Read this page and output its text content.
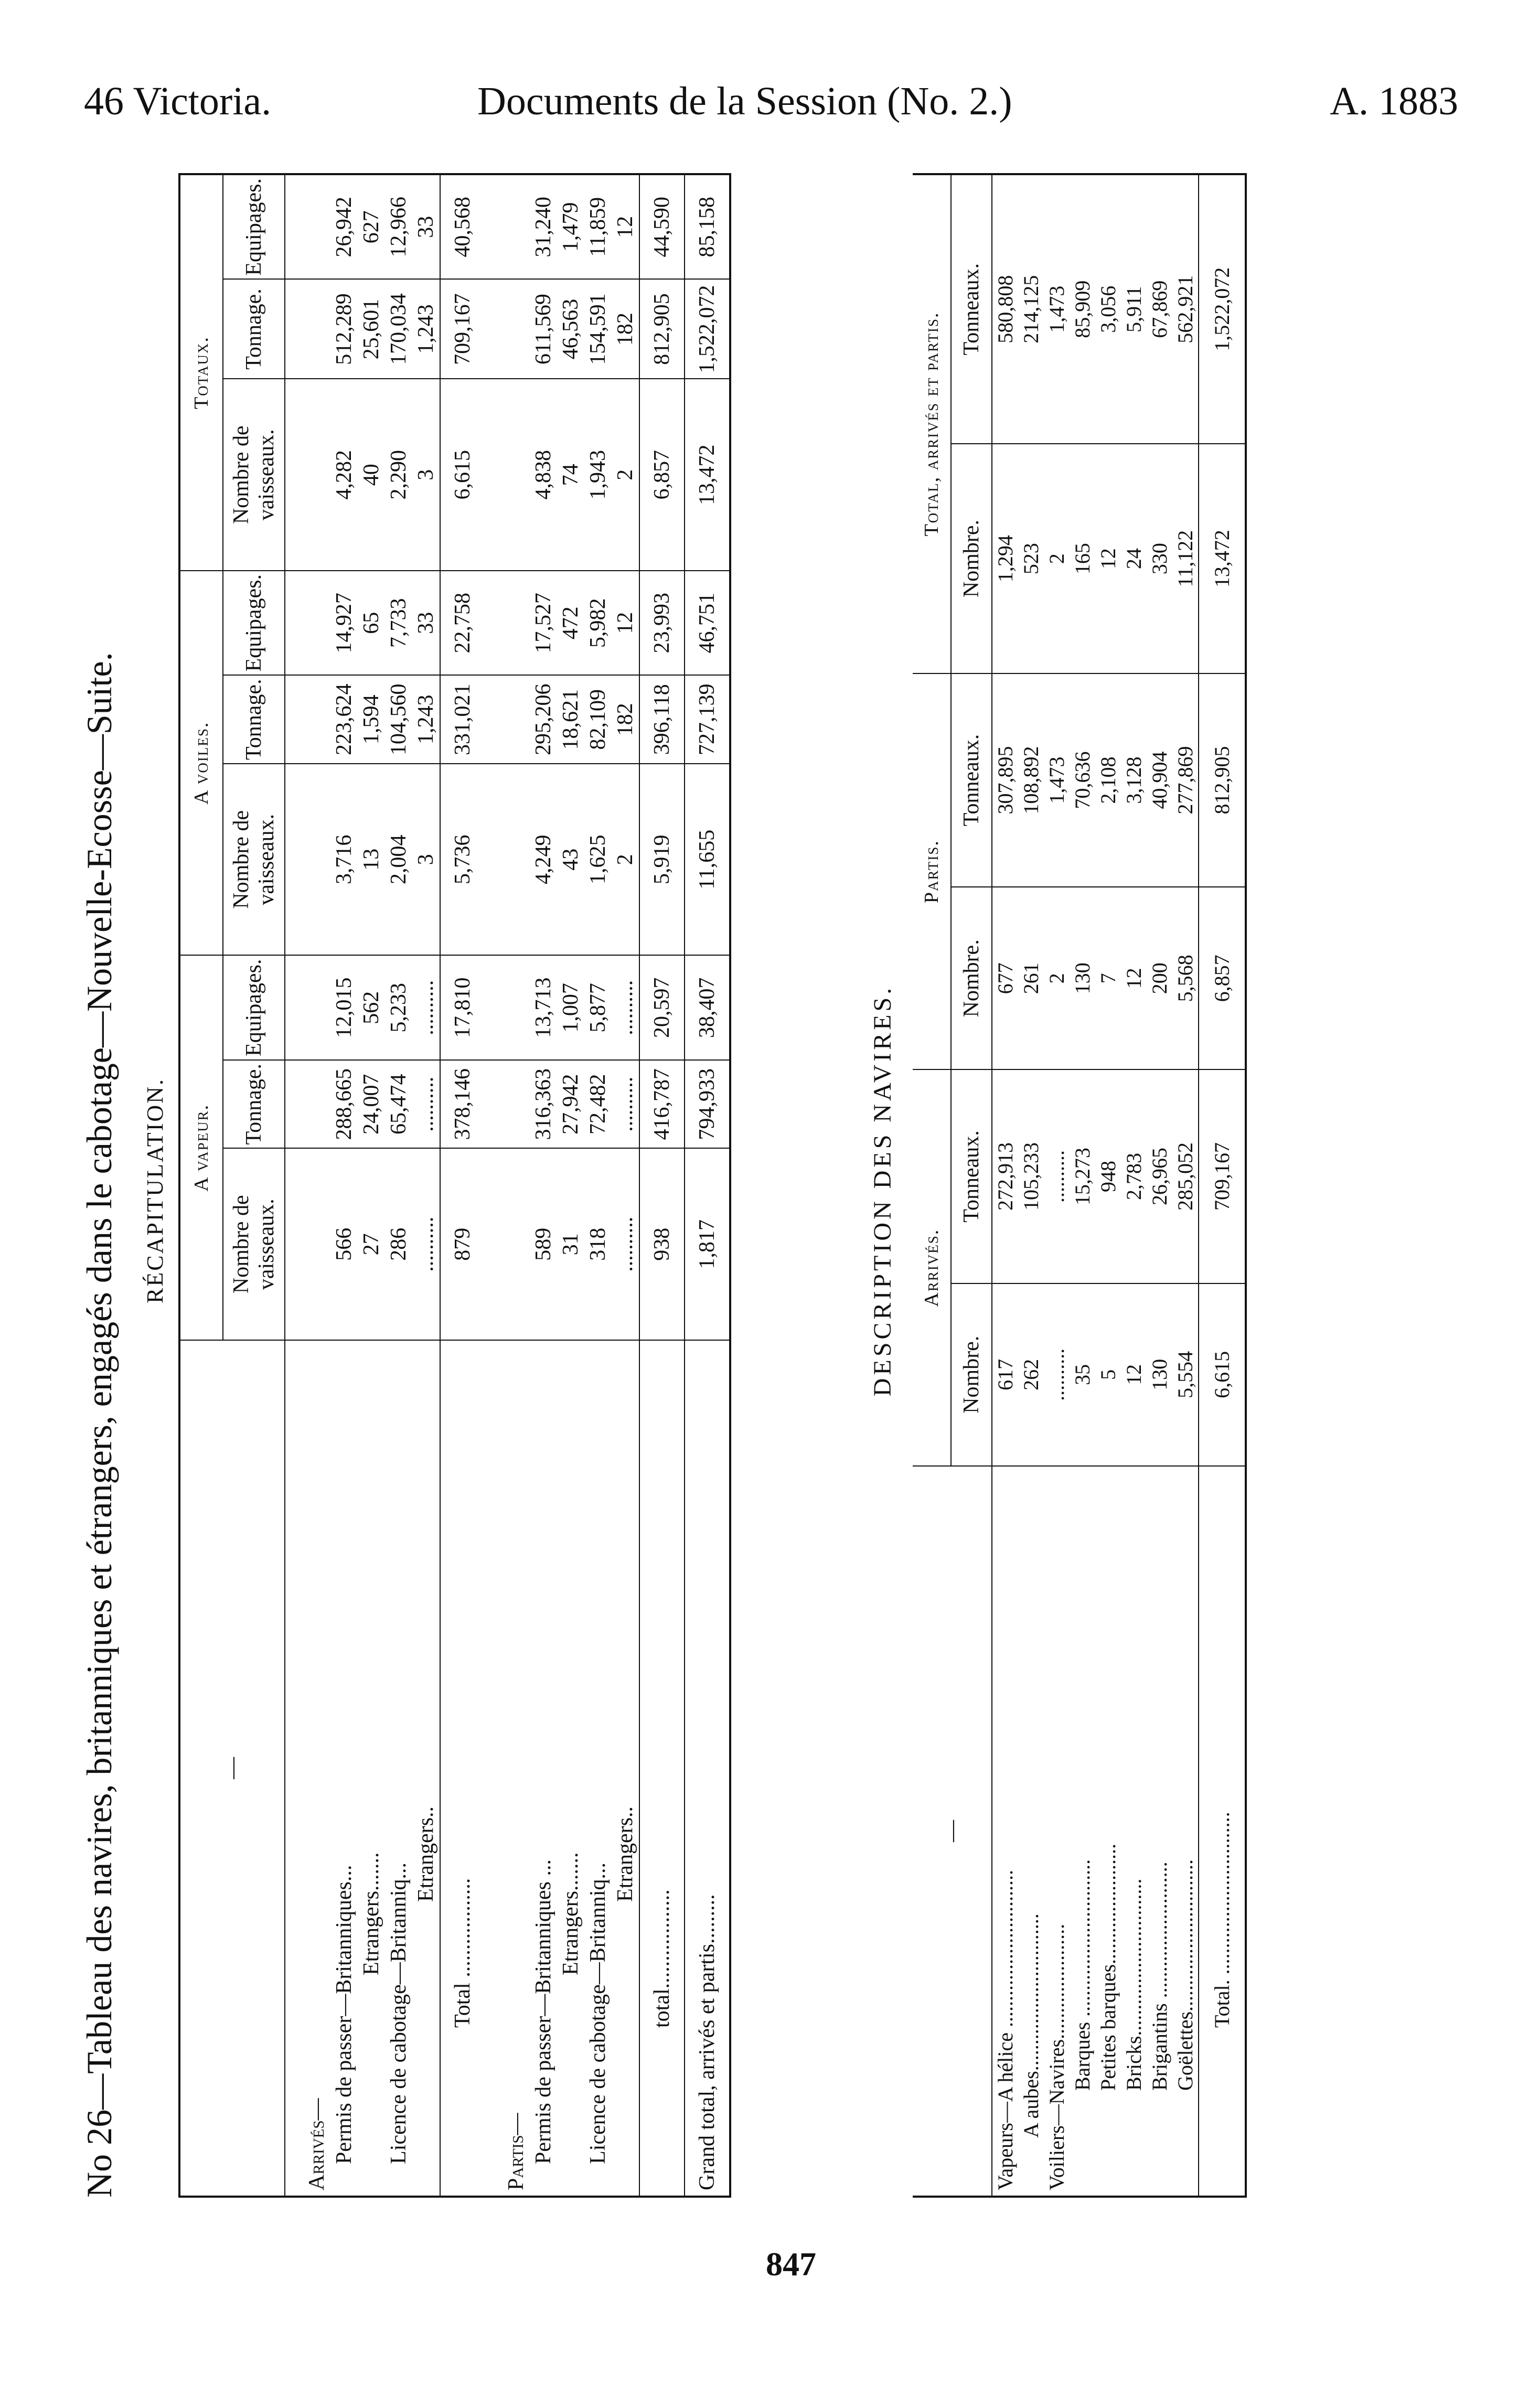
46 Victoria.	Documents de la Session (No. 2.)	A. 1883
No 26—Tableau des navires, britanniques et étrangers, engagés dans le cabotage—Nouvelle-Ecosse—Suite.	RÉCAPITULATION.
—	A vapeur.			A voiles.			Totaux.		
	Nombre de vaisseaux.	Tonnage.	Equipages.	Nombre de vaisseaux.	Tonnage.	Equipages.	Nombre de vaisseaux.	Tonnage.	Equipages.
Arrivés—									
Permis de passer—Britanniques...	566	288,665	12,015	3,716	223,624	14,927	4,282	512,289	26,942
Etrangers.......	27	24,007	562	13	1,594	65	40	25,601	627
Licence de cabotage—Britanniq...	286	65,474	5,233	2,004	104,560	7,733	2,290	170,034	12,966
Etrangers..	..........	..........	..........	3	1,243	33	3	1,243	33
Total ..................	879	378,146	17,810	5,736	331,021	22,758	6,615	709,167	40,568
Partis—									
Permis de passer—Britanniques ...	589	316,363	13,713	4,249	295,206	17,527	4,838	611,569	31,240
Etrangers.......	31	27,942	1,007	43	18,621	472	74	46,563	1,479
Licence de cabotage—Britanniq...	318	72,482	5,877	1,625	82,109	5,982	1,943	154,591	11,859
Etrangers..	..........	..........	..........	2	182	12	2	182	12
total..................	938	416,787	20,597	5,919	396,118	23,993	6,857	812,905	44,590
Grand total, arrivés et partis.........	1,817	794,933	38,407	11,655	727,139	46,751	13,472	1,522,072	85,158
DESCRIPTION DES NAVIRES.
—	Arrivés.		Partis.		Total, arrivés et partis.	
	Nombre.	Tonneaux.	Nombre.	Tonneaux.	Nombre.	Tonneaux.
Vapeurs—A hélice ..............................	617	272,913	677	307,895	1,294	580,808
A aubes..............................	262	105,233	261	108,892	523	214,125
Voiliers—Navires......................	..........	..........	2	1,473	2	1,473
Barques ..............................	35	15,273	130	70,636	165	85,909
Petites barques.......................	5	948	7	2,108	12	3,056
Bricks..............................	12	2,783	12	3,128	24	5,911
Brigantins ..........................	130	26,965	200	40,904	330	67,869
Goëlettes.............................	5,554	285,052	5,568	277,869	11,122	562,921
Total. ...............................	6,615	709,167	6,857	812,905	13,472	1,522,072
847
